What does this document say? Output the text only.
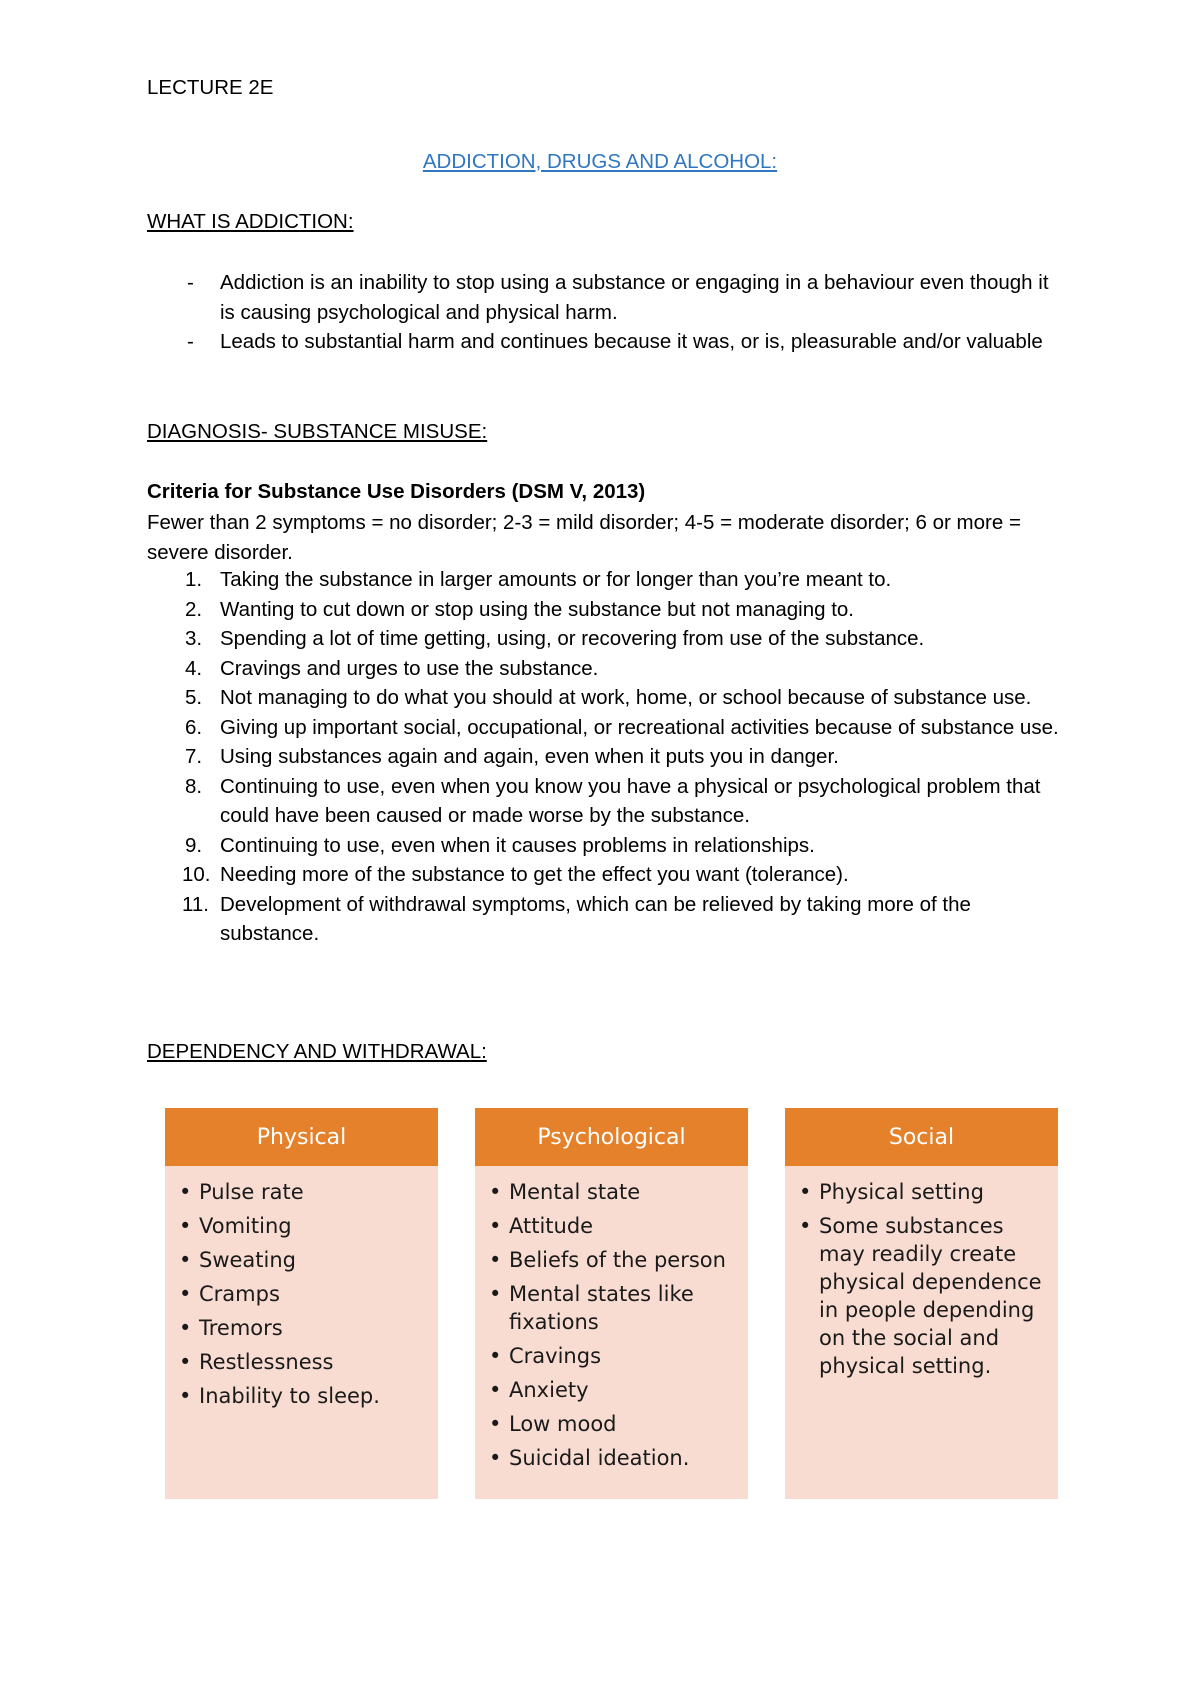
LECTURE 2E

ADDICTION, DRUGS AND ALCOHOL:

WHAT IS ADDICTION:

- Addiction is an inability to stop using a substance or engaging in a behaviour even though it is causing psychological and physical harm.
- Leads to substantial harm and continues because it was, or is, pleasurable and/or valuable

DIAGNOSIS- SUBSTANCE MISUSE:

Criteria for Substance Use Disorders (DSM V, 2013)

Fewer than 2 symptoms = no disorder; 2-3 = mild disorder; 4-5 = moderate disorder; 6 or more = severe disorder.

1. Taking the substance in larger amounts or for longer than you’re meant to.
2. Wanting to cut down or stop using the substance but not managing to.
3. Spending a lot of time getting, using, or recovering from use of the substance.
4. Cravings and urges to use the substance.
5. Not managing to do what you should at work, home, or school because of substance use.
6. Giving up important social, occupational, or recreational activities because of substance use.
7. Using substances again and again, even when it puts you in danger.
8. Continuing to use, even when you know you have a physical or psychological problem that could have been caused or made worse by the substance.
9. Continuing to use, even when it causes problems in relationships.
10. Needing more of the substance to get the effect you want (tolerance).
11. Development of withdrawal symptoms, which can be relieved by taking more of the substance.

DEPENDENCY AND WITHDRAWAL:

Physical
• Pulse rate
• Vomiting
• Sweating
• Cramps
• Tremors
• Restlessness
• Inability to sleep.
Psychological
• Mental state
• Attitude
• Beliefs of the person
• Mental states like fixations
• Cravings
• Anxiety
• Low mood
• Suicidal ideation.
Social
• Physical setting
• Some substances may readily create physical dependence in people depending on the social and physical setting.
